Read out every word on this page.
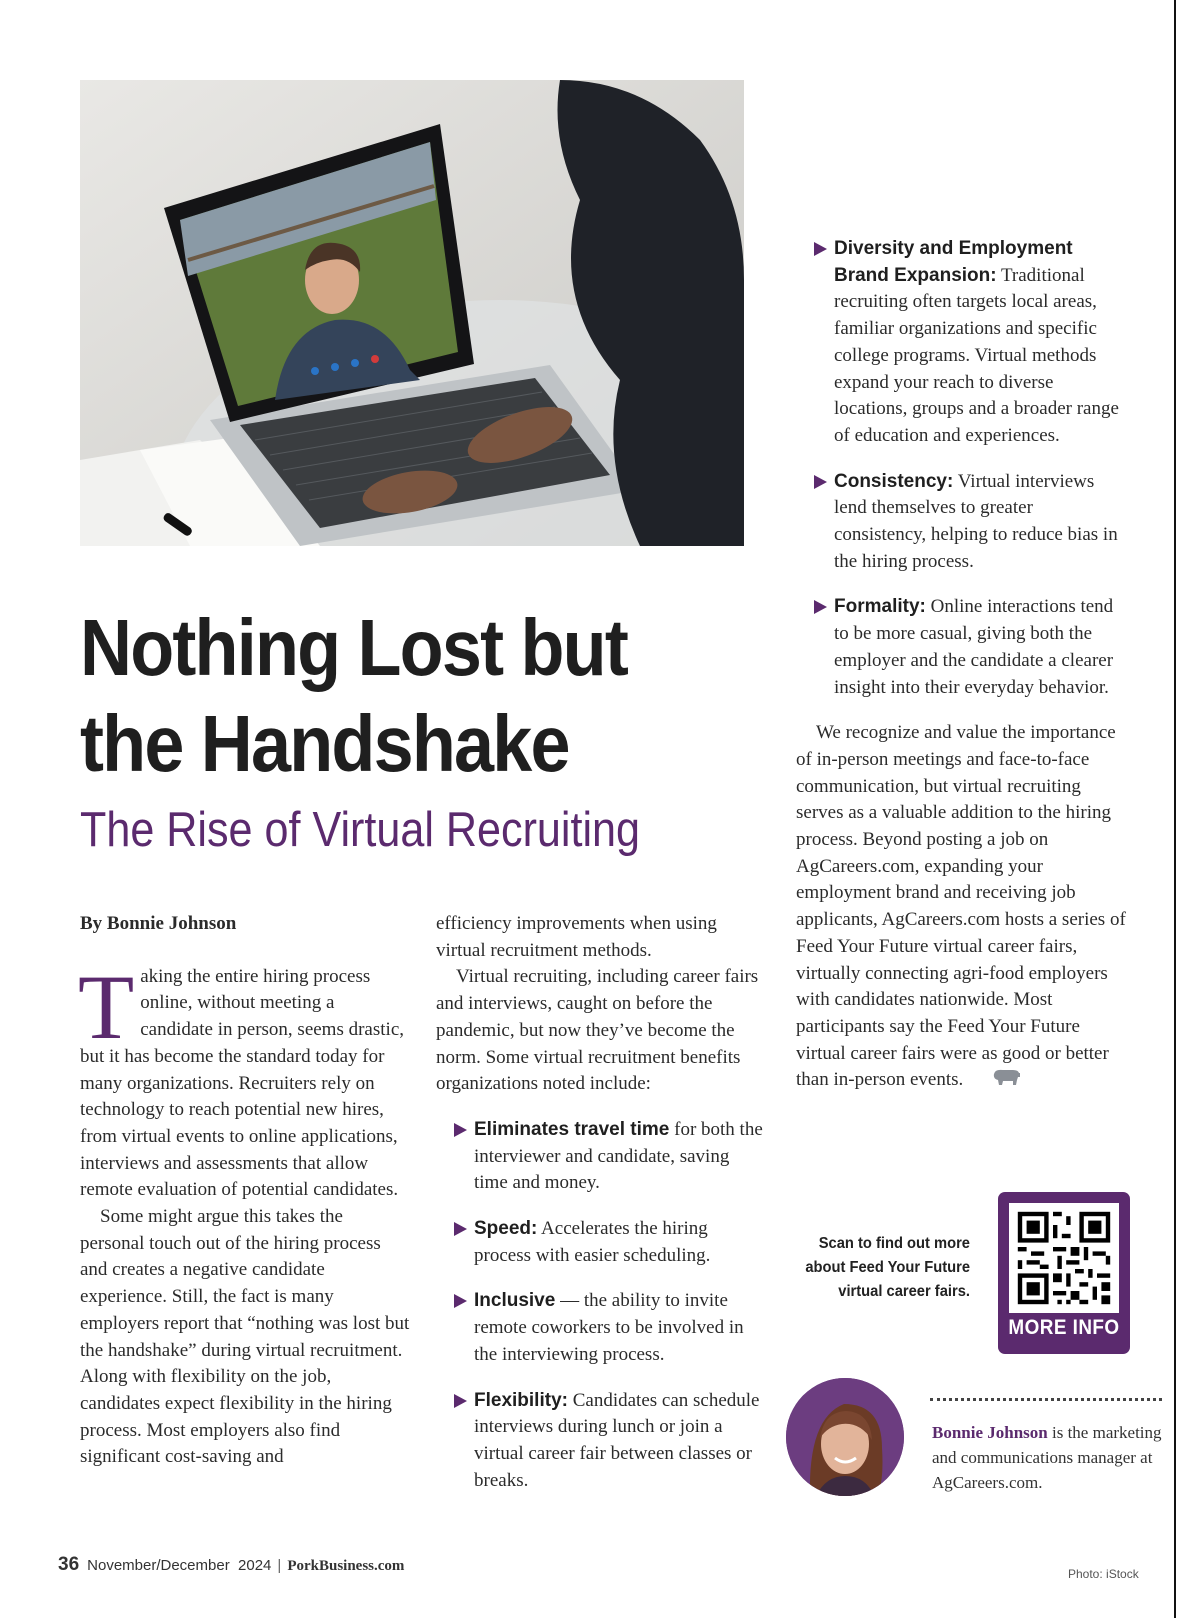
Nothing Lost but
the Handshake
The Rise of Virtual Recruiting

By Bonnie Johnson

Taking the entire hiring process online, without meeting a candidate in person, seems drastic, but it has become the standard today for many organizations. Recruiters rely on technology to reach potential new hires, from virtual events to online applications, interviews and assessments that allow remote evaluation of potential candidates.

Some might argue this takes the personal touch out of the hiring process and creates a negative candidate experience. Still, the fact is many employers report that “nothing was lost but the handshake” during virtual recruitment. Along with flexibility on the job, candidates expect flexibility in the hiring process. Most employers also find significant cost-saving and

efficiency improvements when using virtual recruitment methods.

Virtual recruiting, including career fairs and interviews, caught on before the pandemic, but now they’ve become the norm. Some virtual recruitment benefits organizations noted include:

Eliminates travel time for both the interviewer and candidate, saving time and money.
Speed: Accelerates the hiring process with easier scheduling.
Inclusive — the ability to invite remote coworkers to be involved in the interviewing process.
Flexibility: Candidates can schedule interviews during lunch or join a virtual career fair between classes or breaks.
Diversity and Employment Brand Expansion: Traditional recruiting often targets local areas, familiar organizations and specific college programs. Virtual methods expand your reach to diverse locations, groups and a broader range of education and experiences.
Consistency: Virtual interviews lend themselves to greater consistency, helping to reduce bias in the hiring process.
Formality: Online interactions tend to be more casual, giving both the employer and the candidate a clearer insight into their everyday behavior.

We recognize and value the importance of in-person meetings and face-to-face communication, but virtual recruiting serves as a valuable addition to the hiring process. Beyond posting a job on AgCareers.com, expanding your employment brand and receiving job applicants, AgCareers.com hosts a series of Feed Your Future virtual career fairs, virtually connecting agri-food employers with candidates nationwide. Most participants say the Feed Your Future virtual career fairs were as good or better than in-person events.

Scan to find out more about Feed Your Future virtual career fairs.
MORE INFO
Bonnie Johnson is the marketing and communications manager at AgCareers.com.
36 November/December  2024 | PorkBusiness.com	Photo: iStock
